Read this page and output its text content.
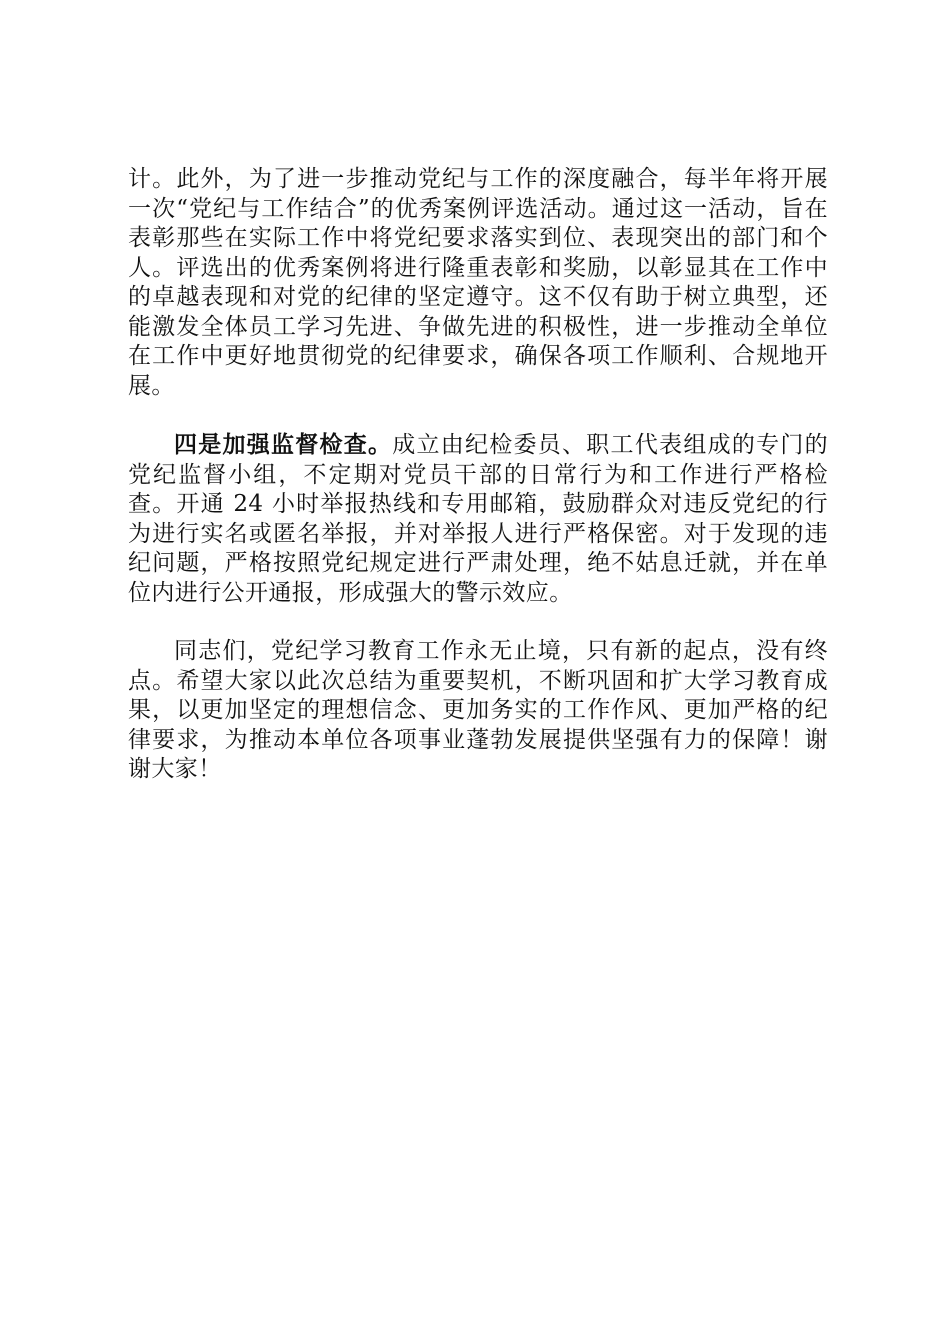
计。此外，为了进一步推动党纪与工作的深度融合，每半年将开展一次“党纪与工作结合”的优秀案例评选活动。通过这一活动，旨在表彰那些在实际工作中将党纪要求落实到位、表现突出的部门和个人。评选出的优秀案例将进行隆重表彰和奖励，以彰显其在工作中的卓越表现和对党的纪律的坚定遵守。这不仅有助于树立典型，还能激发全体员工学习先进、争做先进的积极性，进一步推动全单位在工作中更好地贯彻党的纪律要求，确保各项工作顺利、合规地开展。

四是加强监督检查。成立由纪检委员、职工代表组成的专门的党纪监督小组，不定期对党员干部的日常行为和工作进行严格检查。开通 24 小时举报热线和专用邮箱，鼓励群众对违反党纪的行为进行实名或匿名举报，并对举报人进行严格保密。对于发现的违纪问题，严格按照党纪规定进行严肃处理，绝不姑息迁就，并在单位内进行公开通报，形成强大的警示效应。

同志们，党纪学习教育工作永无止境，只有新的起点，没有终点。希望大家以此次总结为重要契机，不断巩固和扩大学习教育成果，以更加坚定的理想信念、更加务实的工作作风、更加严格的纪律要求，为推动本单位各项事业蓬勃发展提供坚强有力的保障！谢谢大家！
